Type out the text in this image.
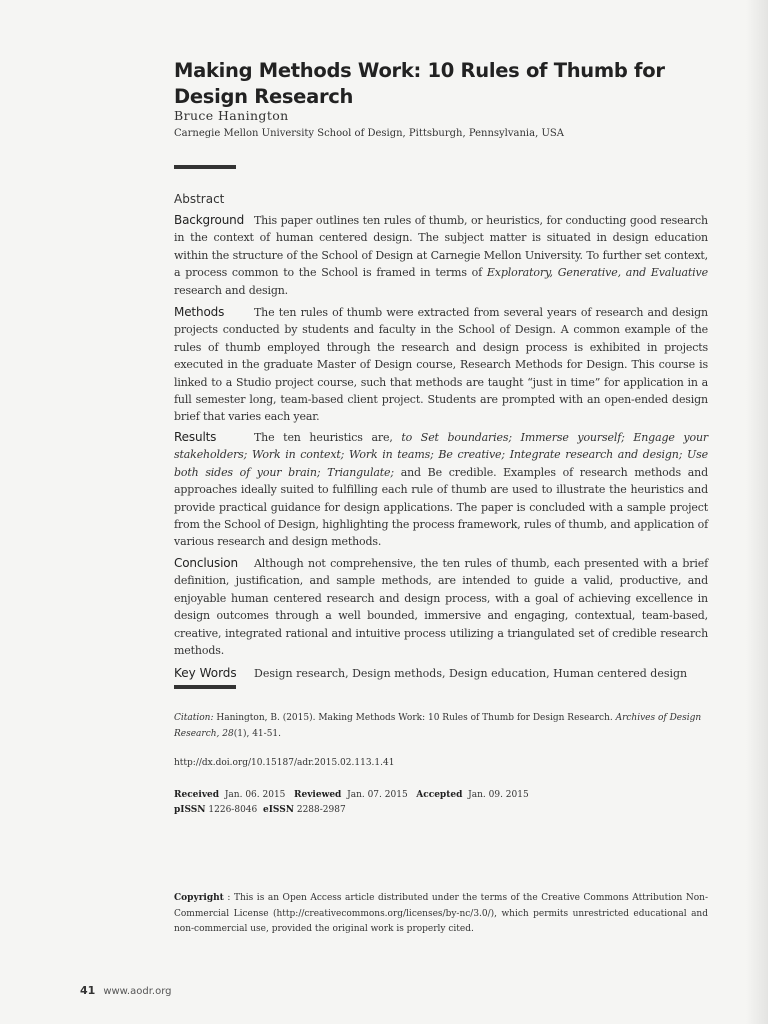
Making Methods Work: 10 Rules of Thumb for Design Research
Bruce Hanington
Carnegie Mellon University School of Design, Pittsburgh, Pennsylvania, USA
Abstract
Background This paper outlines ten rules of thumb, or heuristics, for conducting good research in the context of human centered design. The subject matter is situated in design education within the structure of the School of Design at Carnegie Mellon University. To further set context, a process common to the School is framed in terms of Exploratory, Generative, and Evaluative research and design.
Methods	The ten rules of thumb were extracted from several years of research and design projects conducted by students and faculty in the School of Design. A common example of the rules of thumb employed through the research and design process is exhibited in projects executed in the graduate Master of Design course, Research Methods for Design. This course is linked to a Studio project course, such that methods are taught “just in time” for application in a full semester long, team-based client project. Students are prompted with an open-ended design brief that varies each year.
Results	The ten heuristics are, to Set boundaries; Immerse yourself; Engage your stakeholders; Work in context; Work in teams; Be creative; Integrate research and design; Use both sides of your brain; Triangulate; and Be credible. Examples of research methods and approaches ideally suited to fulfilling each rule of thumb are used to illustrate the heuristics and provide practical guidance for design applications. The paper is concluded with a sample project from the School of Design, highlighting the process framework, rules of thumb, and application of various research and design methods.
Conclusion Although not comprehensive, the ten rules of thumb, each presented with a brief definition, justification, and sample methods, are intended to guide a valid, productive, and enjoyable human centered research and design process, with a goal of achieving excellence in design outcomes through a well bounded, immersive and engaging, contextual, team-based, creative, integrated rational and intuitive process utilizing a triangulated set of credible research methods.
Key Words Design research, Design methods, Design education, Human centered design
Citation: Hanington, B. (2015). Making Methods Work: 10 Rules of Thumb for Design Research. Archives of Design Research, 28(1), 41-51.
http://dx.doi.org/10.15187/adr.2015.02.113.1.41
Received Jan. 06. 2015 Reviewed Jan. 07. 2015 Accepted Jan. 09. 2015
pISSN 1226-8046 eISSN 2288-2987
Copyright : This is an Open Access article distributed under the terms of the Creative Commons Attribution Non-Commercial License (http://creativecommons.org/licenses/by-nc/3.0/), which permits unrestricted educational and non-commercial use, provided the original work is properly cited.
41 www.aodr.org
